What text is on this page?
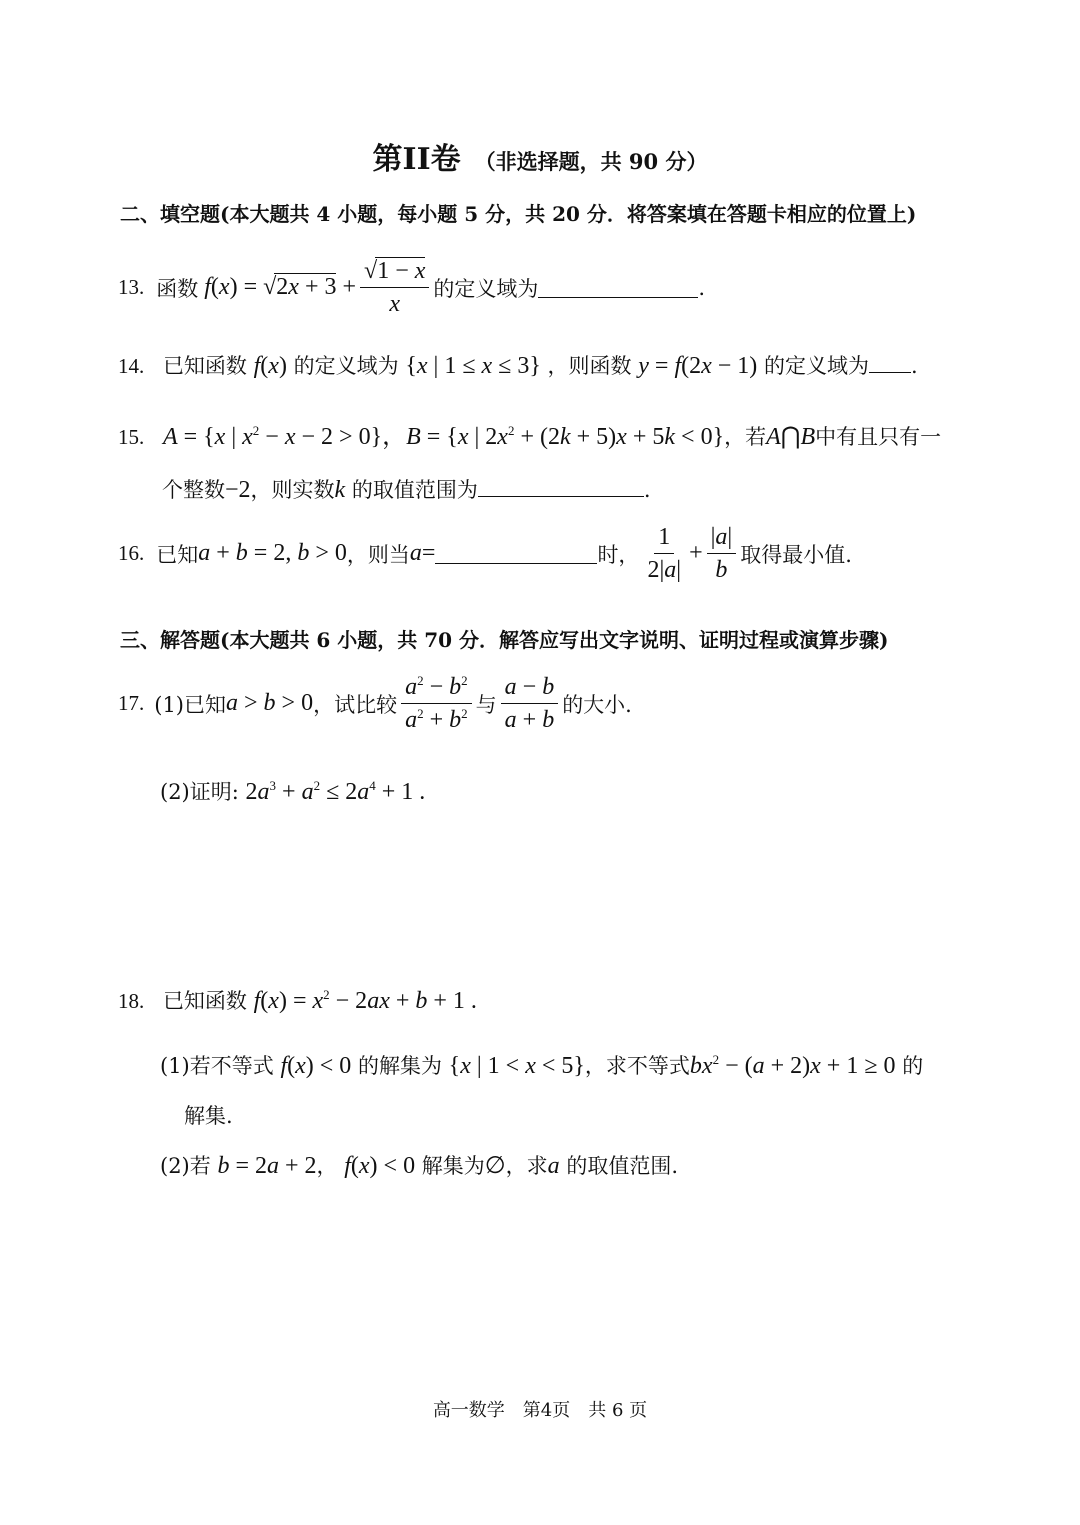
第II卷 （非选择题，共 90 分）
二、填空题(本大题共 4 小题，每小题 5 分，共 20 分．将答案填在答题卡相应的位置上)
13. 函数 f ( x ) = $√2x + 3 + \frac{√1 - x}{x}$ 的定义域为	.
14. 已知函数 f(x) 的定义域为 {x | 1 ≤ x ≤ 3} ，则函数 y = f(2x − 1) 的定义域为 .
15. A = {x | $x^2 - x - 2 > 0$}，B = {x | $2x^2 + (2k + 5)x + 5k < 0$}，若A⋂B中有且只有一
个整数−2，则实数k 的取值范围为	.
16. 已知 a + b = 2, b > 0 ，则当 a =	时， $\frac{1}{2|a|} + \frac{|a|}{b}$ 取得最小值.
三、解答题(本大题共 6 小题，共 70 分．解答应写出文字说明、证明过程或演算步骤)
17. (1)已知 a > b > 0 ，试比较 $\frac{a^2 - b^2}{a^2 + b^2}$ 与 $\frac{a - b}{a + b}$ 的大小.
(2)证明: $2a^3 + a^2 \le 2a^4 + 1$ .
18. 已知函数 $f(x) = x^2 - 2ax + b + 1$ .
(1)若不等式 f(x) < 0 的解集为 {x | 1 < x < 5}，求不等式$bx^2 - (a + 2)x + 1 \ge 0$ 的
解集.
(2)若 b = 2a + 2， f(x) < 0 解集为∅，求a 的取值范围.
高一数学　第4页　共 6 页
